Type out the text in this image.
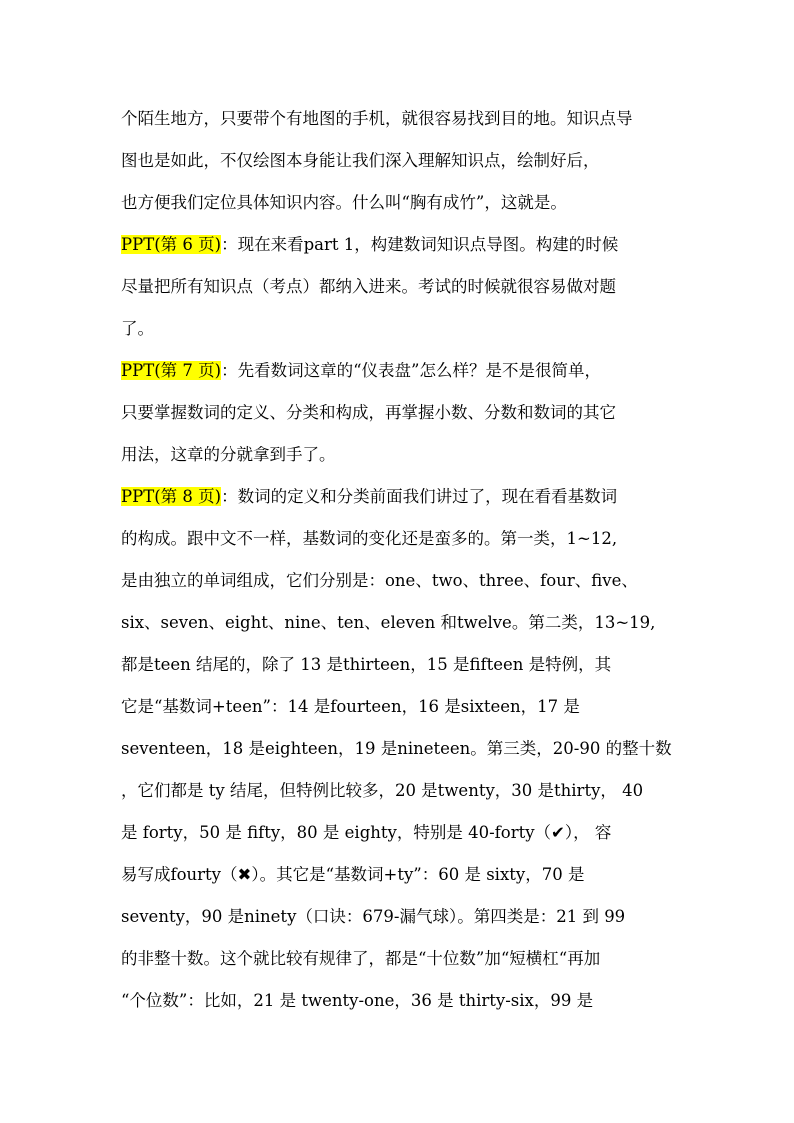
个陌生地方，只要带个有地图的手机，就很容易找到目的地。知识点导
图也是如此，不仅绘图本身能让我们深入理解知识点，绘制好后，
也方便我们定位具体知识内容。什么叫“胸有成竹”，这就是。
PPT(第 6 页)：现在来看part 1，构建数词知识点导图。构建的时候
尽量把所有知识点（考点）都纳入进来。考试的时候就很容易做对题
了。
PPT(第 7 页)：先看数词这章的“仪表盘”怎么样？是不是很简单，
只要掌握数词的定义、分类和构成，再掌握小数、分数和数词的其它
用法，这章的分就拿到手了。
PPT(第 8 页)：数词的定义和分类前面我们讲过了，现在看看基数词
的构成。跟中文不一样，基数词的变化还是蛮多的。第一类，1~12,
是由独立的单词组成，它们分别是：one、two、three、four、five、
six、seven、eight、nine、ten、eleven 和twelve。第二类，13~19,
都是teen 结尾的，除了 13 是thirteen，15 是fifteen 是特例，其
它是“基数词+teen”：14 是fourteen，16 是sixteen，17 是
seventeen，18 是eighteen，19 是nineteen。第三类，20-90 的整十数
，它们都是 ty 结尾，但特例比较多，20 是twenty，30 是thirty， 40
是 forty，50 是 fifty，80 是 eighty，特别是 40-forty（✔）， 容
易写成fourty（✖）。其它是“基数词+ty”：60 是 sixty，70 是
seventy，90 是ninety（口诀：679-漏气球）。第四类是：21 到 99
的非整十数。这个就比较有规律了，都是“十位数”加“短横杠“再加
“个位数”：比如，21 是 twenty-one，36 是 thirty-six，99 是
